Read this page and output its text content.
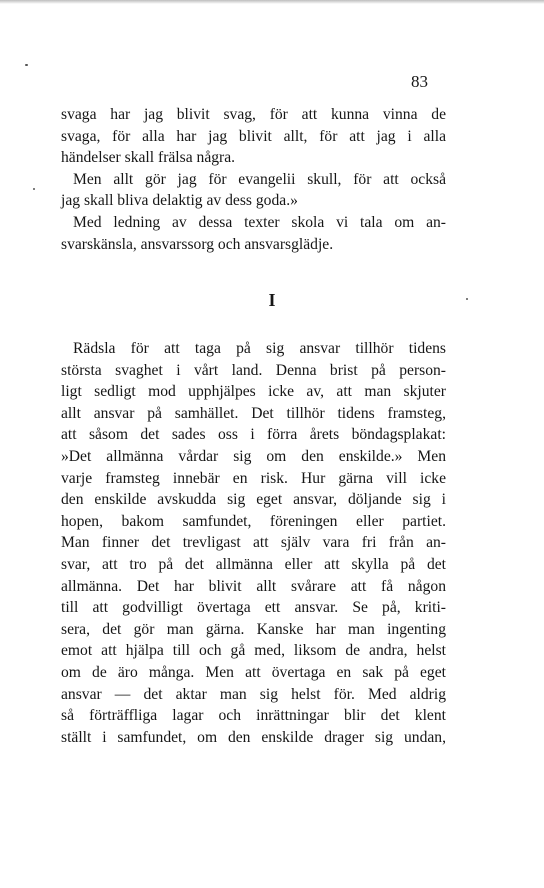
83
svaga har jag blivit svag, för att kunna vinna de
svaga, för alla har jag blivit allt, för att jag i alla
händelser skall frälsa några.
Men allt gör jag för evangelii skull, för att också
jag skall bliva delaktig av dess goda.»
Med ledning av dessa texter skola vi tala om an-
svarskänsla, ansvarssorg och ansvarsglädje.
I
Rädsla för att taga på sig ansvar tillhör tidens
största svaghet i vårt land. Denna brist på person-
ligt sedligt mod upphjälpes icke av, att man skjuter
allt ansvar på samhället. Det tillhör tidens framsteg,
att såsom det sades oss i förra årets böndagsplakat:
»Det allmänna vårdar sig om den enskilde.» Men
varje framsteg innebär en risk. Hur gärna vill icke
den enskilde avskudda sig eget ansvar, döljande sig i
hopen, bakom samfundet, föreningen eller partiet.
Man finner det trevligast att själv vara fri från an-
svar, att tro på det allmänna eller att skylla på det
allmänna. Det har blivit allt svårare att få någon
till att godvilligt övertaga ett ansvar. Se på, kriti-
sera, det gör man gärna. Kanske har man ingenting
emot att hjälpa till och gå med, liksom de andra, helst
om de äro många. Men att övertaga en sak på eget
ansvar — det aktar man sig helst för. Med aldrig
så förträffliga lagar och inrättningar blir det klent
ställt i samfundet, om den enskilde drager sig undan,
